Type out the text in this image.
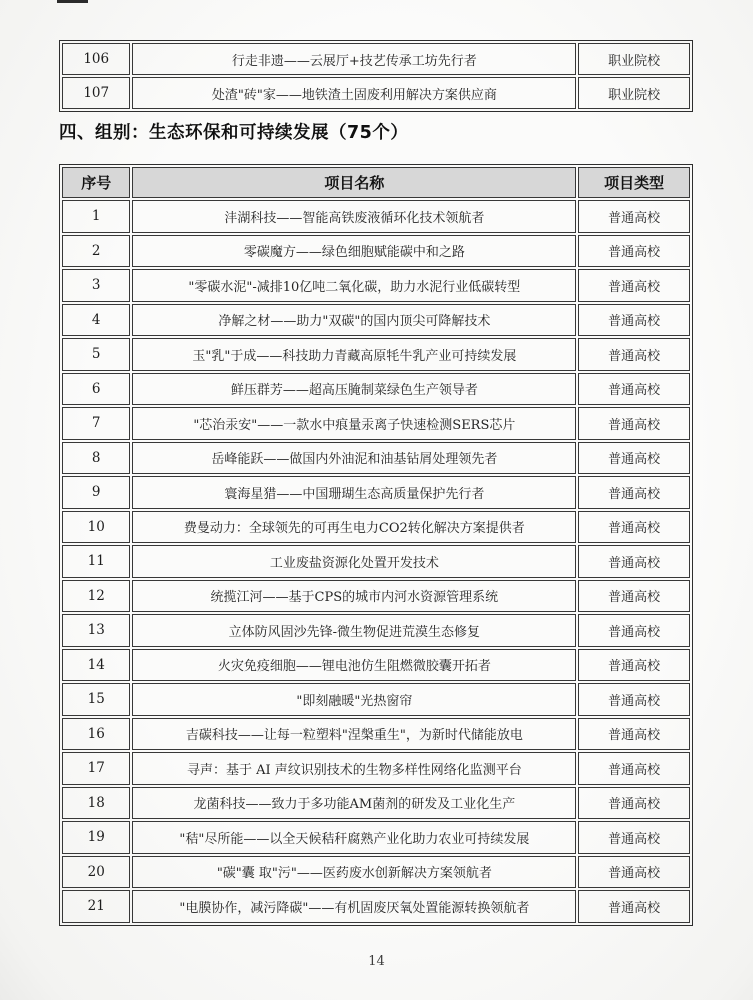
106	行走非遗——云展厅+技艺传承工坊先行者	职业院校
107	处渣"砖"家——地铁渣土固废利用解决方案供应商	职业院校
四、组别：生态环保和可持续发展（75个）
序号	项目名称	项目类型
1	沣湖科技——智能高铁废液循环化技术领航者	普通高校
2	零碳魔方——绿色细胞赋能碳中和之路	普通高校
3	"零碳水泥"-减排10亿吨二氧化碳，助力水泥行业低碳转型	普通高校
4	净解之材——助力"双碳"的国内顶尖可降解技术	普通高校
5	玉"乳"于成——科技助力青藏高原牦牛乳产业可持续发展	普通高校
6	鲜压群芳——超高压腌制菜绿色生产领导者	普通高校
7	"芯治汞安"——一款水中痕量汞离子快速检测SERS芯片	普通高校
8	岳峰能跃——做国内外油泥和油基钻屑处理领先者	普通高校
9	寰海星猎——中国珊瑚生态高质量保护先行者	普通高校
10	费曼动力：全球领先的可再生电力CO2转化解决方案提供者	普通高校
11	工业废盐资源化处置开发技术	普通高校
12	统揽江河——基于CPS的城市内河水资源管理系统	普通高校
13	立体防风固沙先锋-微生物促进荒漠生态修复	普通高校
14	火灾免疫细胞——锂电池仿生阻燃微胶囊开拓者	普通高校
15	"即刻融暖"光热窗帘	普通高校
16	吉碳科技——让每一粒塑料"涅槃重生"，为新时代储能放电	普通高校
17	寻声：基于 AI 声纹识别技术的生物多样性网络化监测平台	普通高校
18	龙菌科技——致力于多功能AM菌剂的研发及工业化生产	普通高校
19	"秸"尽所能——以全天候秸秆腐熟产业化助力农业可持续发展	普通高校
20	"碳"囊 取"污"——医药废水创新解决方案领航者	普通高校
21	"电膜协作，减污降碳"——有机固废厌氧处置能源转换领航者	普通高校
14
